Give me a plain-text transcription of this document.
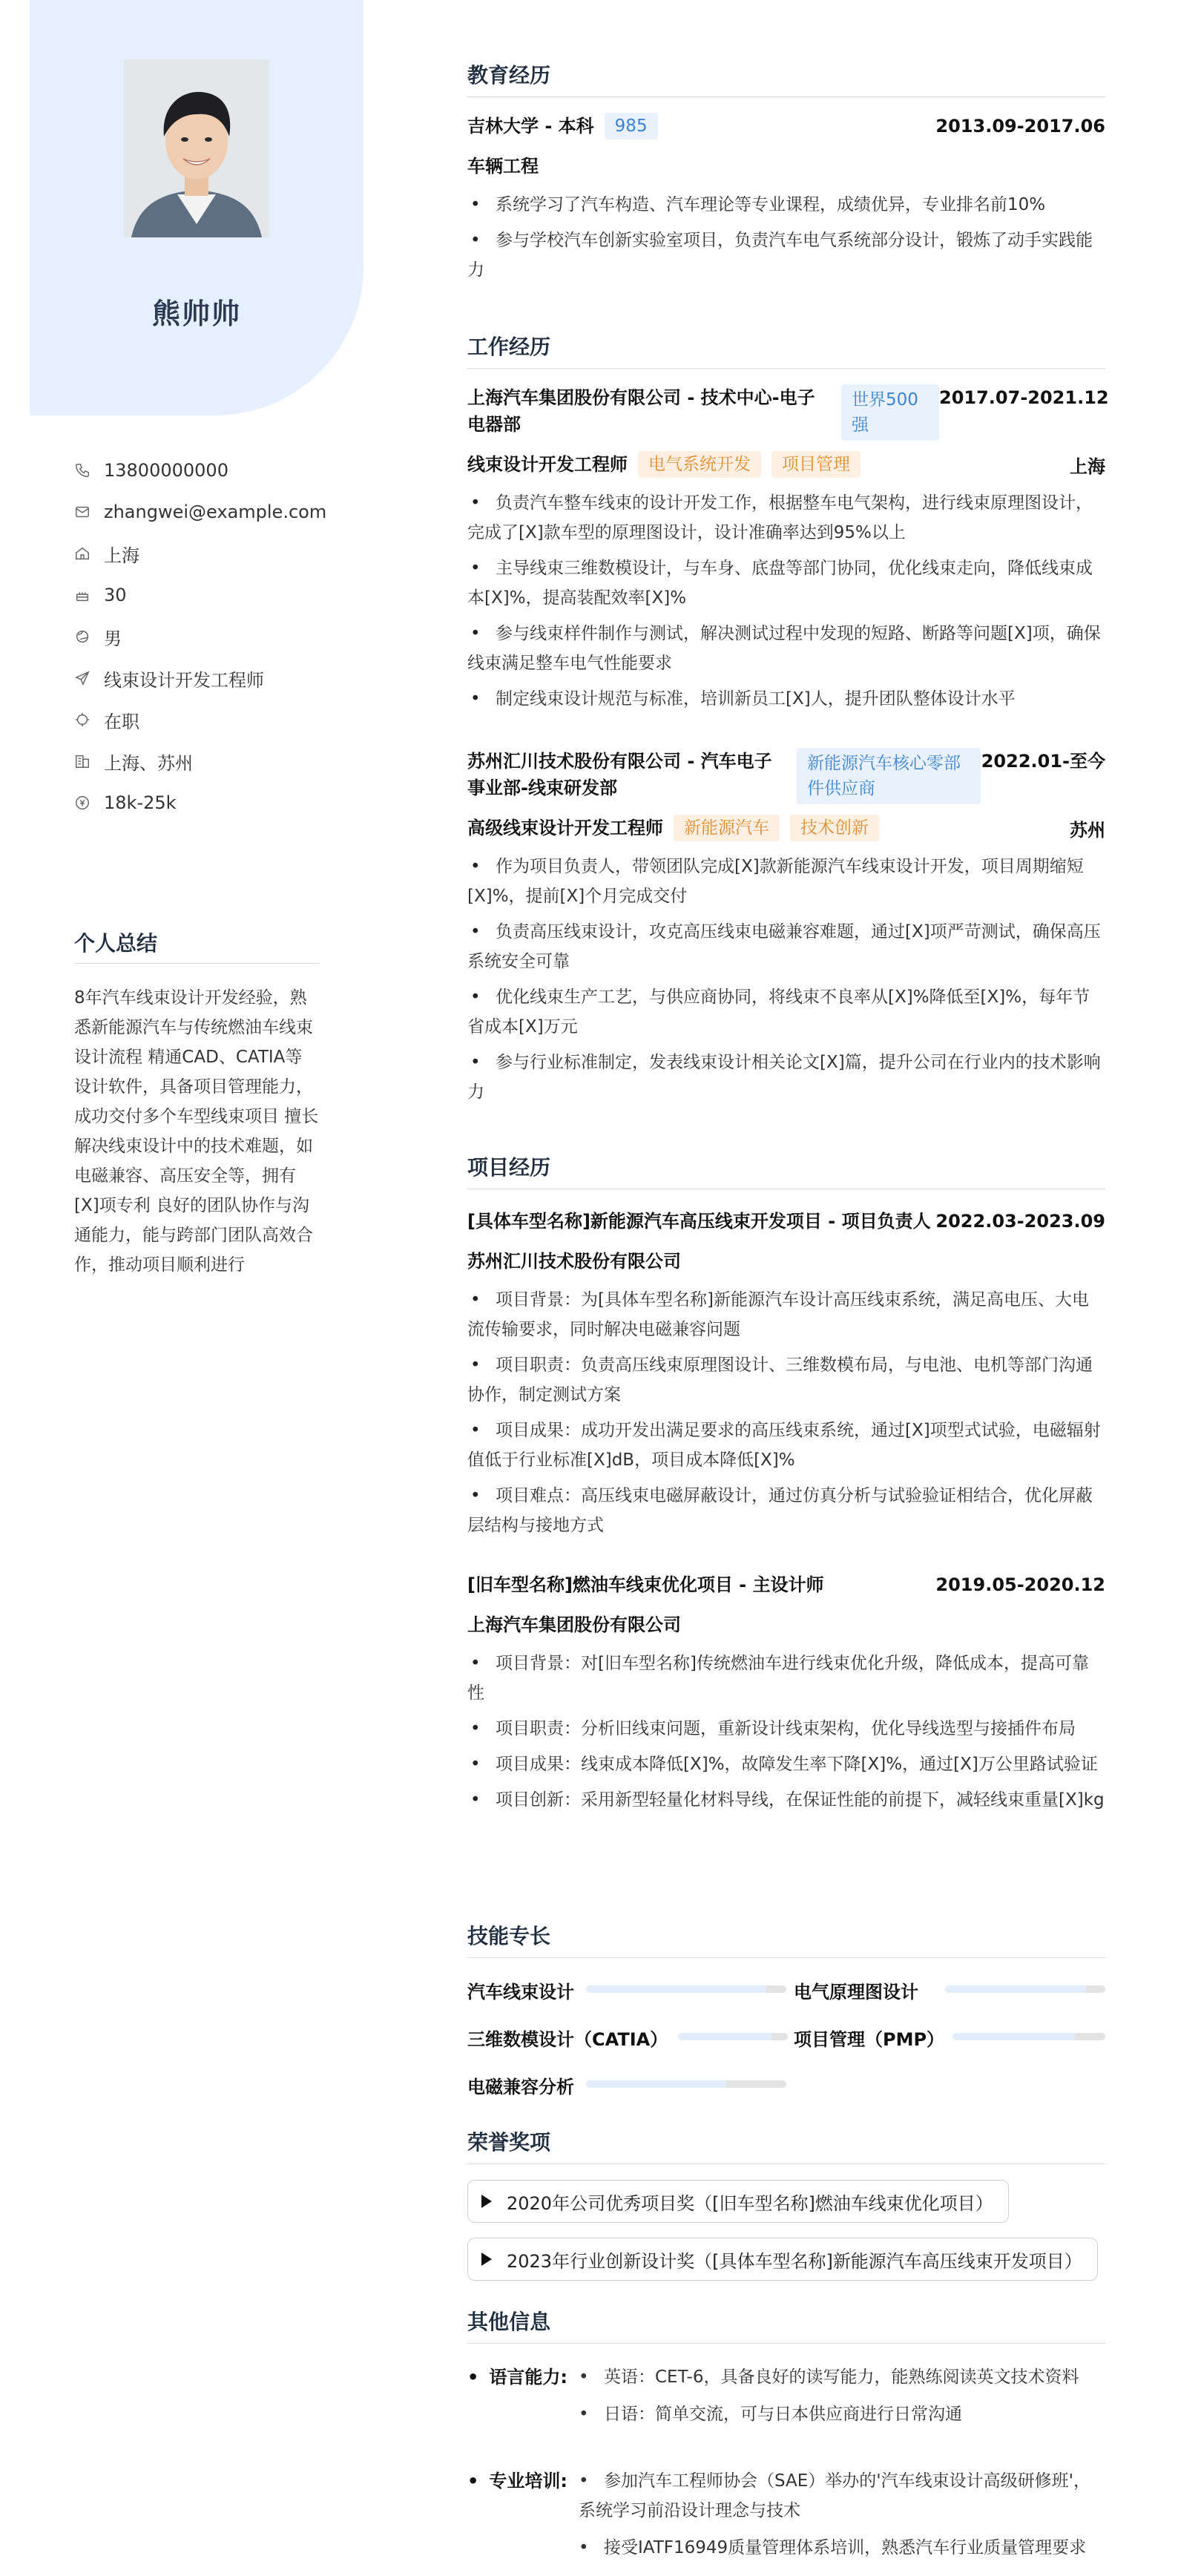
熊帅帅
13800000000
zhangwei@example.com
上海
30
男
线束设计开发工程师
在职
上海、苏州
18k-25k
个人总结
8年汽车线束设计开发经验，熟悉新能源汽车与传统燃油车线束设计流程 精通CAD、CATIA等设计软件，具备项目管理能力，成功交付多个车型线束项目 擅长解决线束设计中的技术难题，如电磁兼容、高压安全等，拥有[X]项专利 良好的团队协作与沟通能力，能与跨部门团队高效合作，推动项目顺利进行
教育经历
吉林大学 - 本科	985	2013.09-2017.06
车辆工程
• 系统学习了汽车构造、汽车理论等专业课程，成绩优异，专业排名前10%
• 参与学校汽车创新实验室项目，负责汽车电气系统部分设计，锻炼了动手实践能力
工作经历
上海汽车集团股份有限公司 - 技术中心-电子电器部
世界500强
2017.07-2021.12
线束设计开发工程师	电气系统开发	项目管理	上海
• 负责汽车整车线束的设计开发工作，根据整车电气架构，进行线束原理图设计，完成了[X]款车型的原理图设计，设计准确率达到95%以上
• 主导线束三维数模设计，与车身、底盘等部门协同，优化线束走向，降低线束成本[X]%，提高装配效率[X]%
• 参与线束样件制作与测试，解决测试过程中发现的短路、断路等问题[X]项，确保线束满足整车电气性能要求
• 制定线束设计规范与标准，培训新员工[X]人，提升团队整体设计水平
苏州汇川技术股份有限公司 - 汽车电子事业部-线束研发部
新能源汽车核心零部件供应商
2022.01-至今
高级线束设计开发工程师	新能源汽车	技术创新	苏州
• 作为项目负责人，带领团队完成[X]款新能源汽车线束设计开发，项目周期缩短[X]%，提前[X]个月完成交付
• 负责高压线束设计，攻克高压线束电磁兼容难题，通过[X]项严苛测试，确保高压系统安全可靠
• 优化线束生产工艺，与供应商协同，将线束不良率从[X]%降低至[X]%，每年节省成本[X]万元
• 参与行业标准制定，发表线束设计相关论文[X]篇，提升公司在行业内的技术影响力
项目经历
[具体车型名称]新能源汽车高压线束开发项目 - 项目负责人 2022.03-2023.09
苏州汇川技术股份有限公司
• 项目背景：为[具体车型名称]新能源汽车设计高压线束系统，满足高电压、大电流传输要求，同时解决电磁兼容问题
• 项目职责：负责高压线束原理图设计、三维数模布局，与电池、电机等部门沟通协作，制定测试方案
• 项目成果：成功开发出满足要求的高压线束系统，通过[X]项型式试验，电磁辐射值低于行业标准[X]dB，项目成本降低[X]%
• 项目难点：高压线束电磁屏蔽设计，通过仿真分析与试验验证相结合，优化屏蔽层结构与接地方式
[旧车型名称]燃油车线束优化项目 - 主设计师	2019.05-2020.12
上海汽车集团股份有限公司
• 项目背景：对[旧车型名称]传统燃油车进行线束优化升级，降低成本，提高可靠性
• 项目职责：分析旧线束问题，重新设计线束架构，优化导线选型与接插件布局
• 项目成果：线束成本降低[X]%，故障发生率下降[X]%，通过[X]万公里路试验证
• 项目创新：采用新型轻量化材料导线，在保证性能的前提下，减轻线束重量[X]kg
技能专长
汽车线束设计	电气原理图设计
三维数模设计（CATIA）	项目管理（PMP）
电磁兼容分析
荣誉奖项
2020年公司优秀项目奖（[旧车型名称]燃油车线束优化项目）
2023年行业创新设计奖（[具体车型名称]新能源汽车高压线束开发项目）
其他信息
• 语言能力:	• 英语：CET-6，具备良好的读写能力，能熟练阅读英文技术资料
• 日语：简单交流，可与日本供应商进行日常沟通
• 专业培训:	• 参加汽车工程师协会（SAE）举办的'汽车线束设计高级研修班'，系统学习前沿设计理念与技术
• 接受IATF16949质量管理体系培训，熟悉汽车行业质量管理要求
